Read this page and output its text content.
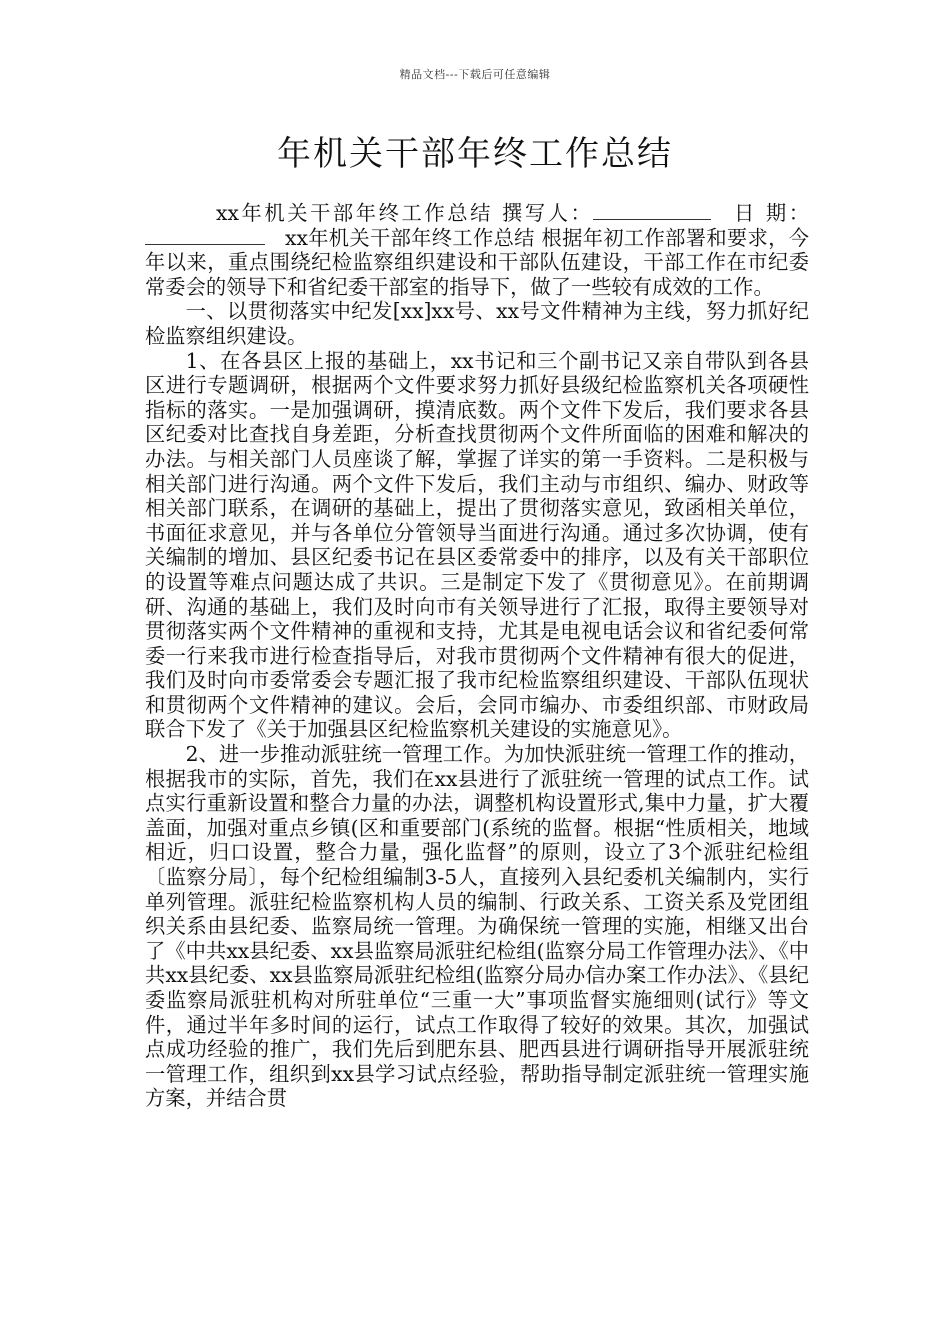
精品文档---下载后可任意编辑
年机关干部年终工作总结

xx年机关干部年终工作总结 撰写人：	日 期：xx年机关干部年终工作总结 根据年初工作部署和要求，今年以来，重点围绕纪检监察组织建设和干部队伍建设，干部工作在市纪委常委会的领导下和省纪委干部室的指导下，做了一些较有成效的工作。

一、以贯彻落实中纪发[xx]xx号、xx号文件精神为主线，努力抓好纪检监察组织建设。

1、在各县区上报的基础上，xx书记和三个副书记又亲自带队到各县区进行专题调研，根据两个文件要求努力抓好县级纪检监察机关各项硬性指标的落实。一是加强调研，摸清底数。两个文件下发后，我们要求各县区纪委对比查找自身差距，分析查找贯彻两个文件所面临的困难和解决的办法。与相关部门人员座谈了解，掌握了详实的第一手资料。二是积极与相关部门进行沟通。两个文件下发后，我们主动与市组织、编办、财政等相关部门联系，在调研的基础上，提出了贯彻落实意见，致函相关单位，书面征求意见，并与各单位分管领导当面进行沟通。通过多次协调，使有关编制的增加、县区纪委书记在县区委常委中的排序，以及有关干部职位的设置等难点问题达成了共识。三是制定下发了《贯彻意见》。在前期调研、沟通的基础上，我们及时向市有关领导进行了汇报，取得主要领导对贯彻落实两个文件精神的重视和支持，尤其是电视电话会议和省纪委何常委一行来我市进行检查指导后，对我市贯彻两个文件精神有很大的促进，我们及时向市委常委会专题汇报了我市纪检监察组织建设、干部队伍现状和贯彻两个文件精神的建议。会后，会同市编办、市委组织部、市财政局联合下发了《关于加强县区纪检监察机关建设的实施意见》。

2、进一步推动派驻统一管理工作。为加快派驻统一管理工作的推动，根据我市的实际，首先，我们在xx县进行了派驻统一管理的试点工作。试点实行重新设置和整合力量的办法，调整机构设置形式,集中力量，扩大覆盖面，加强对重点乡镇(区和重要部门(系统的监督。根据“性质相关，地域相近，归口设置，整合力量，强化监督”的原则，设立了3个派驻纪检组〔监察分局〕，每个纪检组编制3-5人，直接列入县纪委机关编制内，实行单列管理。派驻纪检监察机构人员的编制、行政关系、工资关系及党团组织关系由县纪委、监察局统一管理。为确保统一管理的实施，相继又出台了《中共xx县纪委、xx县监察局派驻纪检组(监察分局工作管理办法》、《中共xx县纪委、xx县监察局派驻纪检组(监察分局办信办案工作办法》、《县纪委监察局派驻机构对所驻单位“三重一大”事项监督实施细则(试行》等文件，通过半年多时间的运行，试点工作取得了较好的效果。其次，加强试点成功经验的推广，我们先后到肥东县、肥西县进行调研指导开展派驻统一管理工作，组织到xx县学习试点经验，帮助指导制定派驻统一管理实施方案，并结合贯
